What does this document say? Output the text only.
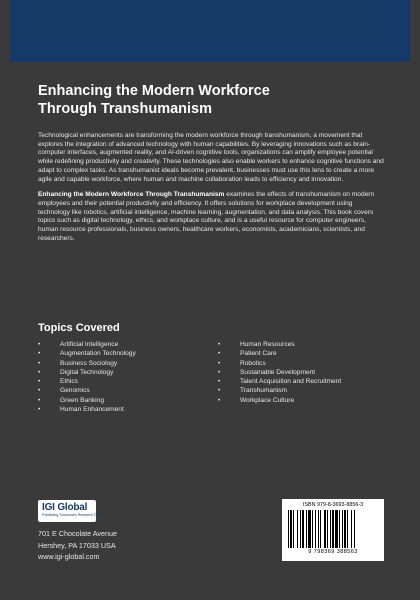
Enhancing the Modern Workforce
Through Transhumanism

Technological enhancements are transforming the modern workforce through transhumanism, a movement that explores the integration of advanced technology with human capabilities. By leveraging innovations such as brain-computer interfaces, augmented reality, and AI-driven cognitive tools, organizations can amplify employee potential while redefining productivity and creativity. These technologies also enable workers to enhance cognitive functions and adapt to complex tasks. As transhumanist ideals become prevalent, businesses must use this lens to create a more agile and capable workforce, where human and machine collaboration leads to efficiency and innovation.

Enhancing the Modern Workforce Through Transhumanism examines the effects of transhumanism on modern employees and their potential productivity and efficiency. It offers solutions for workplace development using technology like robotics, artificial intelligence, machine learning, augmentation, and data analysis. This book covers topics such as digital technology, ethics, and workplace culture, and is a useful resource for computer engineers, human resource professionals, business owners, healthcare workers, economists, academicians, scientists, and researchers.

Topics Covered
• Artificial Intelligence
• Augmentation Technology
• Business Sociology
• Digital Technology
• Ethics
• Genomics
• Green Banking
• Human Enhancement
• Human Resources
• Patient Care
• Robotics
• Sustainable Development
• Talent Acquisition and Recruitment
• Transhumanism
• Workplace Culture
IGI Global
Publishing Tomorrow's Research Today
701 E Chocolate Avenue
Hershey, PA 17033 USA
www.igi-global.com
ISBN 979-8-3693-8856-3
9 798369 388563
